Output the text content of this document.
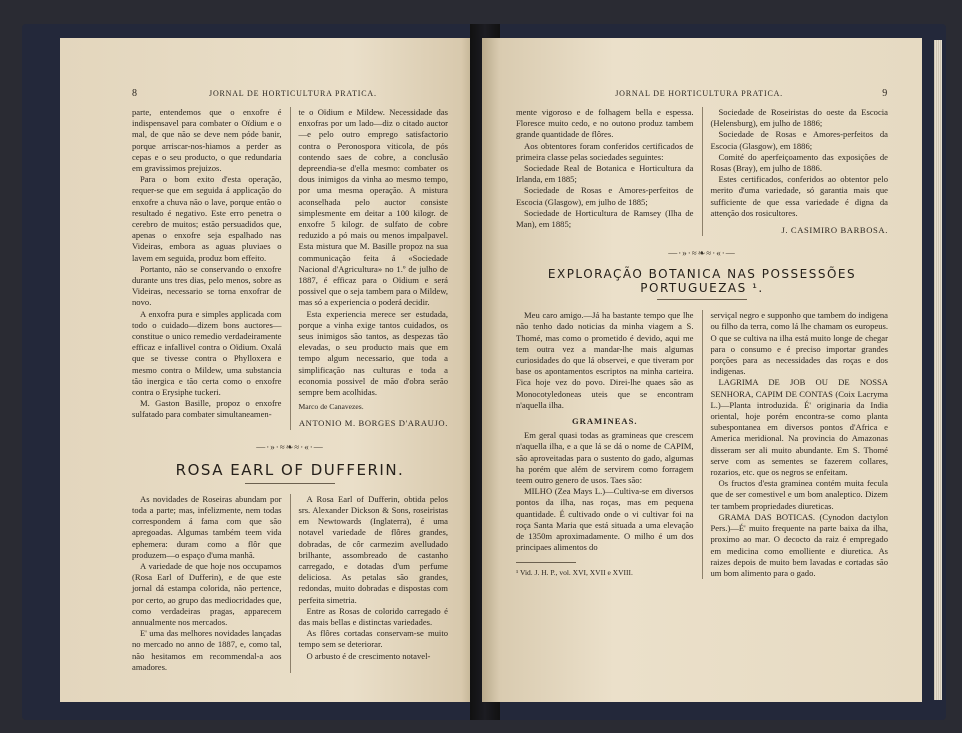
8	JORNAL DE HORTICULTURA PRATICA.

parte, entendemos que o enxofre é indispensavel para combater o Oïdium e o mal, de que não se deve nem póde banir, porque arriscar-nos-hiamos a perder as cepas e o seu producto, o que redundaria em gravissimos prejuizos.

Para o bom exito d'esta operação, requer-se que em seguida á applicação do enxofre a chuva não o lave, porque então o resultado é negativo. Este erro penetra o cerebro de muitos; estão persuadidos que, apenas o enxofre seja espalhado nas Videiras, embora as aguas pluviaes o lavem em seguida, produz bom effeito.

Portanto, não se conservando o enxofre durante uns tres dias, pelo menos, sobre as Videiras, necessario se torna enxofrar de novo.

A enxofra pura e simples applicada com todo o cuidado—dizem bons auctores—constitue o unico remedio verdadeiramente efficaz e infallivel contra o Oïdium. Oxalá que se tivesse contra o Phylloxera e mesmo contra o Mildew, uma substancia tão inergica e tão certa como o enxofre contra o Erysiphe tuckeri.

M. Gaston Basille, propoz o enxofre sulfatado para combater simultaneamen-

te o Oïdium e Mildew. Necessidade das enxofras por um lado—diz o citado auctor—e pelo outro emprego satisfactorio contra o Peronospora viticola, de pós contendo saes de cobre, a conclusão depreendia-se d'ella mesmo: combater os dous inimigos da vinha ao mesmo tempo, por uma mesma operação. A mistura aconselhada pelo auctor consiste simplesmente em deitar a 100 kilogr. de enxofre 5 kilogr. de sulfato de cobre reduzido a pó mais ou menos impalpavel. Esta mistura que M. Basille propoz na sua communicação feita á «Sociedade Nacional d'Agricultura» no 1.º de julho de 1887, é efficaz para o Oïdium e será possivel que o seja tambem para o Mildew, mas só a experiencia o poderá decidir.

Esta experiencia merece ser estudada, porque a vinha exige tantos cuidados, os seus inimigos são tantos, as despezas tão elevadas, o seu producto mais que em tempo algum necessario, que toda a simplificação nas culturas e toda a economia possivel de mão d'obra serão sempre bem acolhidas.

Marco de Canavezes.

ANTONIO M. BORGES D'ARAUJO.
—·»·≈❧≈·«·—
ROSA EARL OF DUFFERIN.

As novidades de Roseiras abundam por toda a parte; mas, infelizmente, nem todas correspondem á fama com que são apregoadas. Algumas também teem vida ephemera: duram como a flôr que produzem—o espaço d'uma manhã.

A variedade de que hoje nos occupamos (Rosa Earl of Dufferin), e de que este jornal dá estampa colorida, não pertence, por certo, ao grupo das mediocridades que, como verdadeiras pragas, apparecem annualmente nos mercados.

E' uma das melhores novidades lançadas no mercado no anno de 1887, e, como tal, não hesitamos em recommendal-a aos amadores.

A Rosa Earl of Dufferin, obtida pelos srs. Alexander Dickson & Sons, roseiristas em Newtowards (Inglaterra), é uma notavel variedade de flôres grandes, dobradas, de côr carmezim avelludado brilhante, assombreado de castanho carregado, e dotadas d'um perfume deliciosa. As petalas são grandes, redondas, muito dobradas e dispostas com perfeita simetria.

Entre as Rosas de colorido carregado é das mais bellas e distinctas variedades.

As flôres cortadas conservam-se muito tempo sem se deteriorar.

O arbusto é de crescimento notavel-

JORNAL DE HORTICULTURA PRATICA.	9

mente vigoroso e de folhagem bella e espessa. Floresce muito cedo, e no outono produz tambem grande quantidade de flôres.

Aos obtentores foram conferidos certificados de primeira classe pelas sociedades seguintes:

Sociedade Real de Botanica e Horticultura da Irlanda, em 1885;

Sociedade de Rosas e Amores-perfeitos de Escocia (Glasgow), em julho de 1885;

Sociedade de Horticultura de Ramsey (Ilha de Man), em 1885;

Sociedade de Roseiristas do oeste da Escocia (Helensburg), em julho de 1886;

Sociedade de Rosas e Amores-perfeitos da Escocia (Glasgow), em 1886;

Comité do aperfeiçoamento das exposições de Rosas (Bray), em julho de 1886.

Estes certificados, conferidos ao obtentor pelo merito d'uma variedade, só garantia mais que sufficiente de que essa variedade é digna da attenção dos rosicultores.

J. CASIMIRO BARBOSA.
—·»·≈❧≈·«·—
EXPLORAÇÃO BOTANICA NAS POSSESSÕES PORTUGUEZAS ¹.

Meu caro amigo.—Já ha bastante tempo que lhe não tenho dado noticias da minha viagem a S. Thomé, mas como o prometido é devido, aqui me tem outra vez a mandar-lhe mais algumas curiosidades do que lá observei, e que tiveram por base os apontamentos escriptos na minha carteira. Fica hoje vez do povo. Direi-lhe quaes são as Monocotyledoneas uteis que se encontram n'aquella ilha.

GRAMINEAS.

Em geral quasi todas as gramineas que crescem n'aquella ilha, e a que lá se dá o nome de CAPIM, são aproveitadas para o sustento do gado, algumas ha porém que além de servirem como forragem teem outro genero de usos. Taes são:

MILHO (Zea Mays L.)—Cultiva-se em diversos pontos da ilha, nas roças, mas em pequena quantidade. É cultivado onde o vi cultivar foi na roça Santa Maria que está situada a uma elevação de 1350m aproximadamente. O milho é um dos principaes alimentos do

¹ Vid. J. H. P., vol. XVI, XVII e XVIII.

serviçal negro e supponho que tambem do indigena ou filho da terra, como lá lhe chamam os europeus. O que se cultiva na ilha está muito longe de chegar para o consumo e é preciso importar grandes porções para as necessidades das roças e dos indigenas.

LAGRIMA DE JOB OU DE NOSSA SENHORA, CAPIM DE CONTAS (Coix Lacryma L.)—Planta introduzida. É' originaria da India oriental, hoje porém encontra-se como planta subespontanea em diversos pontos d'Africa e America meridional. Na provincia do Amazonas disseram ser ali muito abundante. Em S. Thomé serve com as sementes se fazerem collares, rozarios, etc. que os negros se enfeitam.

Os fructos d'esta graminea contém muita fecula que de ser comestivel e um bom analeptico. Dizem ter tambem propriedades diureticas.

GRAMA DAS BOTICAS. (Cynodon dactylon Pers.)—É' muito frequente na parte baixa da ilha, proximo ao mar. O decocto da raiz é empregado em medicina como emolliente e diuretica. As raizes depois de muito bem lavadas e cortadas são um bom alimento para o gado.
